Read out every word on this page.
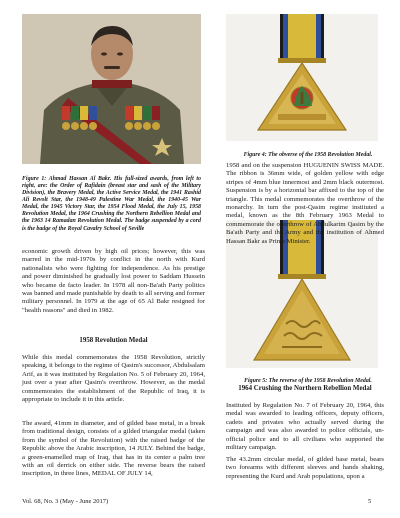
Figure 1: Ahmad Hassan Al Bakr. His full-sized awards, from left to right, are: the Order of Rafidain (breast star and sash of the Military Division), the Bravery Medal, the Active Service Medal, the 1941 Rashid Ali Revolt Star, the 1948-49 Palestine War Medal, the 1940-45 War Medal, the 1945 Victory Star, the 1954 Flood Medal, the July 15, 1958 Revolution Medal, the 1964 Crushing the Northern Rebellion Medal and the 1963 14 Ramadan Revolution Medal. The badge suspended by a cord is the badge of the Royal Cavalry School of Seville

Figure 4: The obverse of the 1958 Revolution Medal.

Figure 5: The reverse of the 1958 Revolution Medal.

economic growth driven by high oil prices; however, this was marred in the mid-1970s by conflict in the north with Kurd nationalists who were fighting for independence. As his prestige and power diminished he gradually lost power to Saddam Hussein who became de facto leader. In 1978 all non-Ba'ath Party politics was banned and made punishable by death to all serving and former military personnel. In 1979 at the age of 65 Al Bakr resigned for "health reasons" and died in 1982.

1958 Revolution Medal

While this medal commemorates the 1958 Revolution, strictly speaking, it belongs to the regime of Qasim's successor, Abdulsalam Arif, as it was instituted by Regulation No. 5 of February 20, 1964, just over a year after Qasim's overthrow. However, as the medal commemorates the establishment of the Republic of Iraq, it is appropriate to include it in this article.

The award, 41mm in diameter, and of gilded base metal, in a break from traditional design, consists of a gilded triangular medal (taken from the symbol of the Revolution) with the raised badge of the Republic above the Arabic inscription, 14 JULY. Behind the badge, a green-enamelled map of Iraq, that has in its center a palm tree with an oil derrick on either side. The reverse bears the raised inscription, in three lines, MEDAL OF JULY 14,

1958 and on the suspension HUGUENIN SWISS MADE. The ribbon is 36mm wide, of golden yellow with edge stripes of 4mm blue innermost and 2mm black outermost. Suspension is by a horizontal bar affixed to the top of the triangle. This medal commemorates the overthrow of the monarchy. In turn the post-Qasim regime instituted a medal, known as the 8th February 1963 Medal to commemorate the overthrow of Abdulkarim Qasim by the Ba'ath Party and the Army and the institution of Ahmed Hassan Bakr as Prime Minister.

1964 Crushing the Northern Rebellion Medal

Instituted by Regulation No. 7 of February 20, 1964, this medal was awarded to leading officers, deputy officers, cadets and privates who actually served during the campaign and was also awarded to police officials, un-official police and to all civilians who supported the military campaign.

The 43.2mm circular medal, of gilded base metal, bears two forearms with different sleeves and hands shaking, representing the Kurd and Arab populations, upon a

Vol. 68, No. 3 (May - June 2017)	5
